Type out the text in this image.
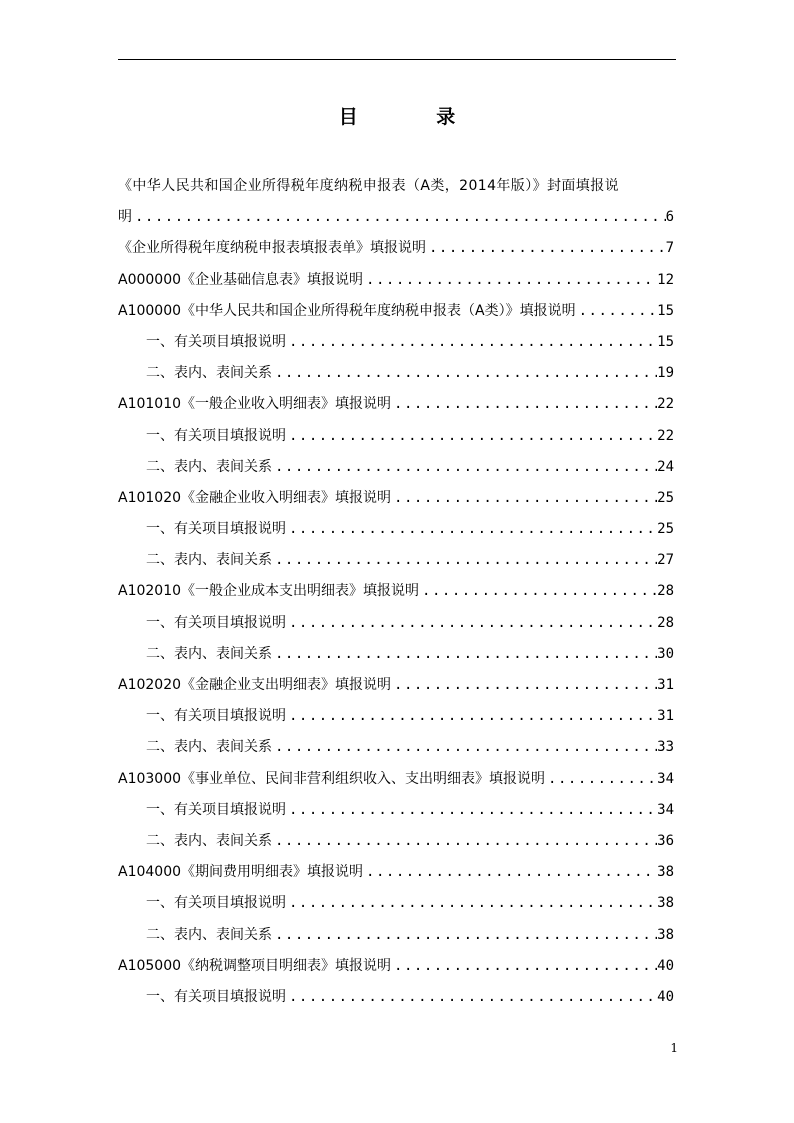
目 录
《中华人民共和国企业所得税年度纳税申报表（A类，2014年版）》封面填报说
明 .....	6
《企业所得税年度纳税申报表填报表单》填报说明 .....	7
A000000《企业基础信息表》填报说明 .....	12
A100000《中华人民共和国企业所得税年度纳税申报表（A类）》填报说明 .....	15
一、有关项目填报说明 .....	15
二、表内、表间关系 .....	19
A101010《一般企业收入明细表》填报说明 .....	22
一、有关项目填报说明 .....	22
二、表内、表间关系 .....	24
A101020《金融企业收入明细表》填报说明 .....	25
一、有关项目填报说明 .....	25
二、表内、表间关系 .....	27
A102010《一般企业成本支出明细表》填报说明 .....	28
一、有关项目填报说明 .....	28
二、表内、表间关系 .....	30
A102020《金融企业支出明细表》填报说明 .....	31
一、有关项目填报说明 .....	31
二、表内、表间关系 .....	33
A103000《事业单位、民间非营利组织收入、支出明细表》填报说明 .....	34
一、有关项目填报说明 .....	34
二、表内、表间关系 .....	36
A104000《期间费用明细表》填报说明 .....	38
一、有关项目填报说明 .....	38
二、表内、表间关系 .....	38
A105000《纳税调整项目明细表》填报说明 .....	40
一、有关项目填报说明 .....	40
1
